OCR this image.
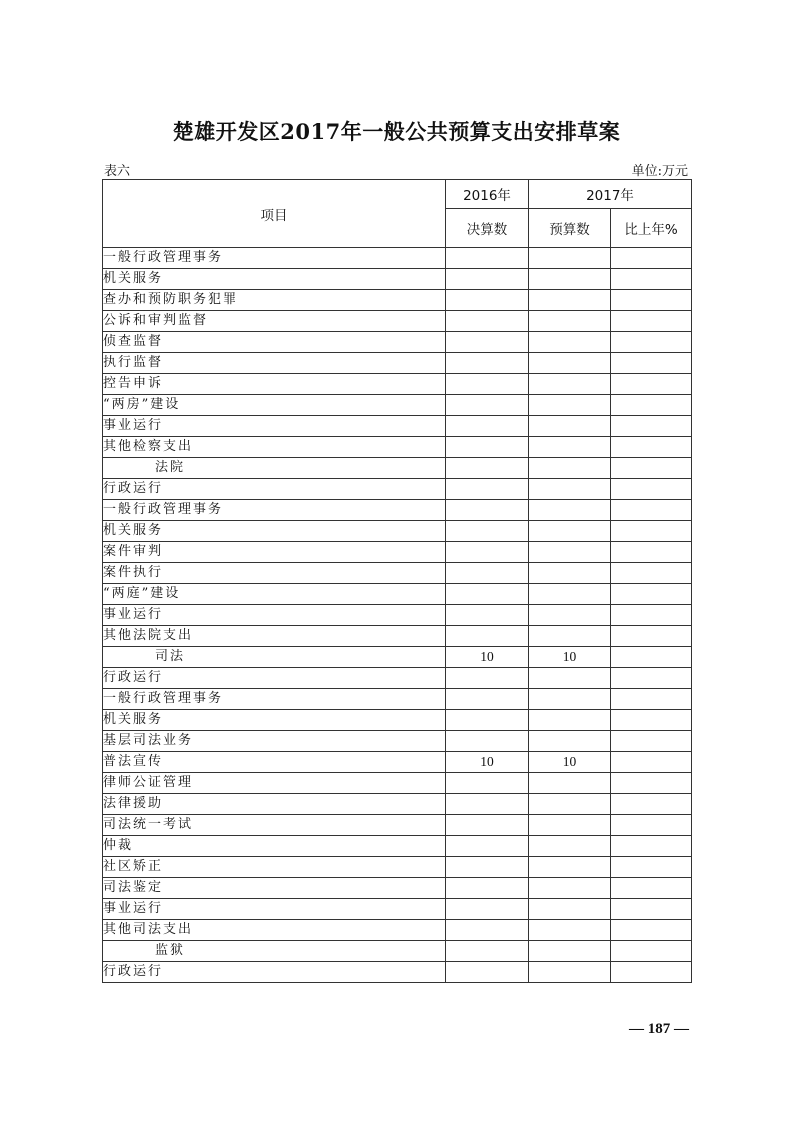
楚雄开发区2017年一般公共预算支出安排草案
表六	单位:万元
项目	2016年	2017年	
	决算数	预算数	比上年%
一般行政管理事务			
机关服务			
查办和预防职务犯罪			
公诉和审判监督			
侦查监督			
执行监督			
控告申诉			
“两房”建设			
事业运行			
其他检察支出			
法院			
行政运行			
一般行政管理事务			
机关服务			
案件审判			
案件执行			
“两庭”建设			
事业运行			
其他法院支出			
司法	10	10	
行政运行			
一般行政管理事务			
机关服务			
基层司法业务			
普法宣传	10	10	
律师公证管理			
法律援助			
司法统一考试			
仲裁			
社区矫正			
司法鉴定			
事业运行			
其他司法支出			
监狱			
行政运行			
— 187 —
